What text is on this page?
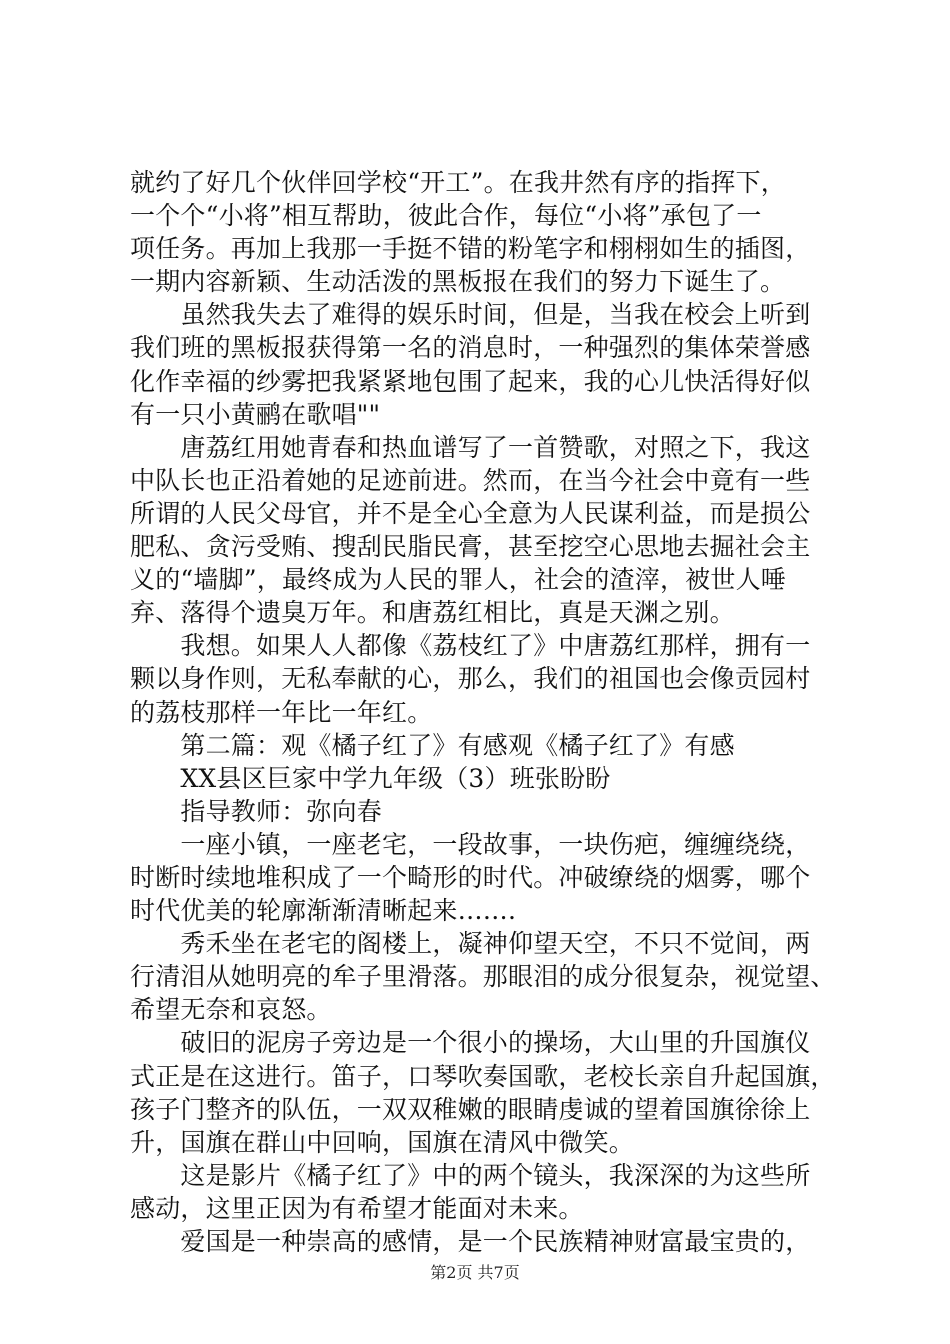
就约了好几个伙伴回学校“开工”。在我井然有序的指挥下，
一个个“小将”相互帮助，彼此合作，每位“小将”承包了一
项任务。再加上我那一手挺不错的粉笔字和栩栩如生的插图，
一期内容新颖、生动活泼的黑板报在我们的努力下诞生了。
　　虽然我失去了难得的娱乐时间，但是，当我在校会上听到
我们班的黑板报获得第一名的消息时，一种强烈的集体荣誉感
化作幸福的纱雾把我紧紧地包围了起来，我的心儿快活得好似
有一只小黄鹂在歌唱""
　　唐荔红用她青春和热血谱写了一首赞歌，对照之下，我这
中队长也正沿着她的足迹前进。然而，在当今社会中竟有一些
所谓的人民父母官，并不是全心全意为人民谋利益，而是损公
肥私、贪污受贿、搜刮民脂民膏，甚至挖空心思地去掘社会主
义的“墙脚”，最终成为人民的罪人，社会的渣滓，被世人唾
弃、落得个遗臭万年。和唐荔红相比，真是天渊之别。
　　我想。如果人人都像《荔枝红了》中唐荔红那样，拥有一
颗以身作则，无私奉献的心，那么，我们的祖国也会像贡园村
的荔枝那样一年比一年红。
　　第二篇：观《橘子红了》有感观《橘子红了》有感
　　XX县区巨家中学九年级（3）班张盼盼
　　指导教师：弥向春
　　一座小镇，一座老宅，一段故事，一块伤疤，缠缠绕绕，
时断时续地堆积成了一个畸形的时代。冲破缭绕的烟雾，哪个
时代优美的轮廓渐渐清晰起来…….
　　秀禾坐在老宅的阁楼上，凝神仰望天空，不只不觉间，两
行清泪从她明亮的牟子里滑落。那眼泪的成分很复杂，视觉望、
希望无奈和哀怒。
　　破旧的泥房子旁边是一个很小的操场，大山里的升国旗仪
式正是在这进行。笛子，口琴吹奏国歌，老校长亲自升起国旗，
孩子门整齐的队伍，一双双稚嫩的眼睛虔诚的望着国旗徐徐上
升，国旗在群山中回响，国旗在清风中微笑。
　　这是影片《橘子红了》中的两个镜头，我深深的为这些所
感动，这里正因为有希望才能面对未来。
　　爱国是一种崇高的感情，是一个民族精神财富最宝贵的，
第2页 共7页
